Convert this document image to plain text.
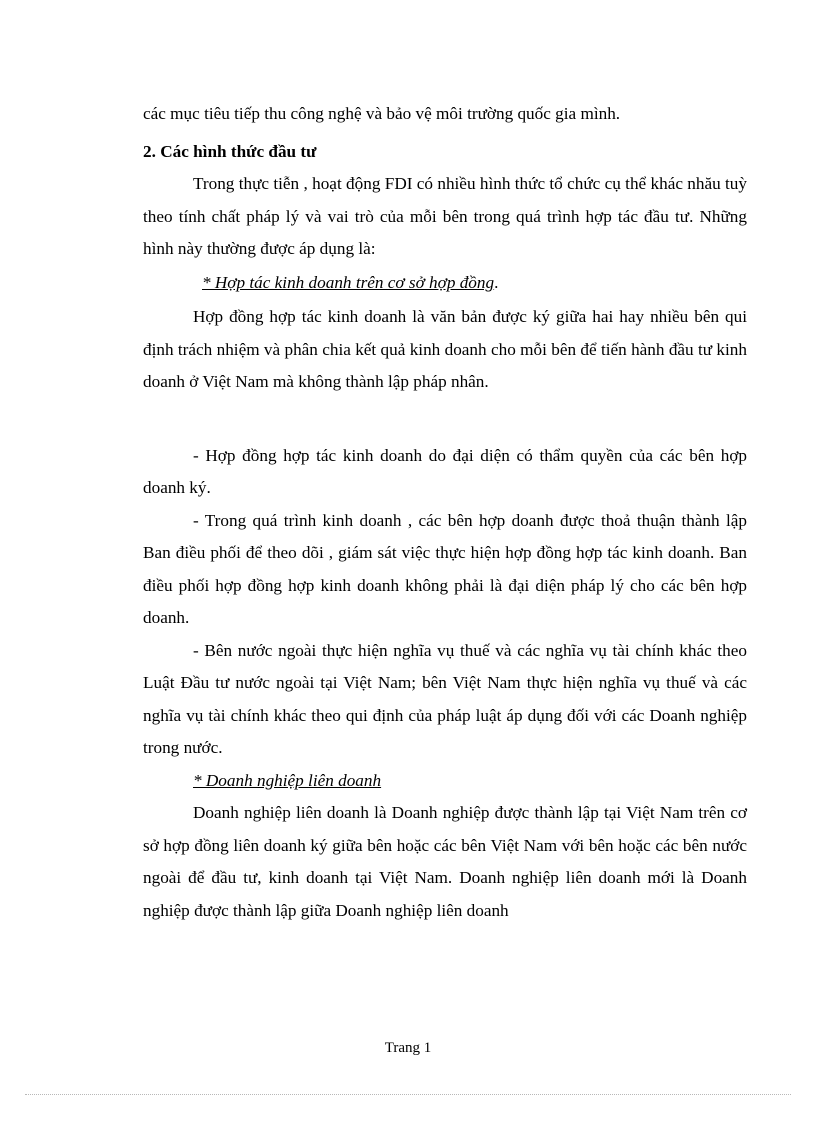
các mục tiêu tiếp thu công nghệ và bảo vệ môi trường quốc gia mình.

2. Các hình thức đầu tư

Trong thực tiễn , hoạt động FDI có nhiều hình thức tổ chức cụ thể khác nhău tuỳ theo tính chất pháp lý và vai trò của mỗi bên trong quá trình hợp tác đầu tư. Những hình này thường được áp dụng là:

* Hợp tác kinh doanh trên cơ sở hợp đồng.

Hợp đồng hợp tác kinh doanh là văn bản được ký giữa hai hay nhiều bên qui định trách nhiệm và phân chia kết quả kinh doanh cho mỗi bên để tiến hành đầu tư kinh doanh ở Việt Nam mà không thành lập pháp nhân.

- Hợp đồng hợp tác kinh doanh do đại diện có thẩm quyền của các bên hợp doanh ký.

- Trong quá trình kinh doanh , các bên hợp doanh được thoả thuận thành lập Ban điều phối để theo dõi , giám sát việc thực hiện hợp đồng hợp tác kinh doanh. Ban điều phối hợp đồng hợp kinh doanh không phải là đại diện pháp lý cho các bên hợp doanh.

- Bên nước ngoài thực hiện nghĩa vụ thuế và các nghĩa vụ tài chính khác theo Luật Đầu tư nước ngoài tại Việt Nam; bên Việt Nam thực hiện nghĩa vụ thuế và các nghĩa vụ tài chính khác theo qui định của pháp luật áp dụng đối với các Doanh nghiệp trong nước.

* Doanh nghiệp liên doanh

Doanh nghiệp liên doanh là Doanh nghiệp được thành lập tại Việt Nam trên cơ sở hợp đồng liên doanh ký giữa bên hoặc các bên Việt Nam với bên hoặc các bên nước ngoài để đầu tư, kinh doanh tại Việt Nam. Doanh nghiệp liên doanh mới là Doanh nghiệp được thành lập giữa Doanh nghiệp liên doanh

Trang 1
